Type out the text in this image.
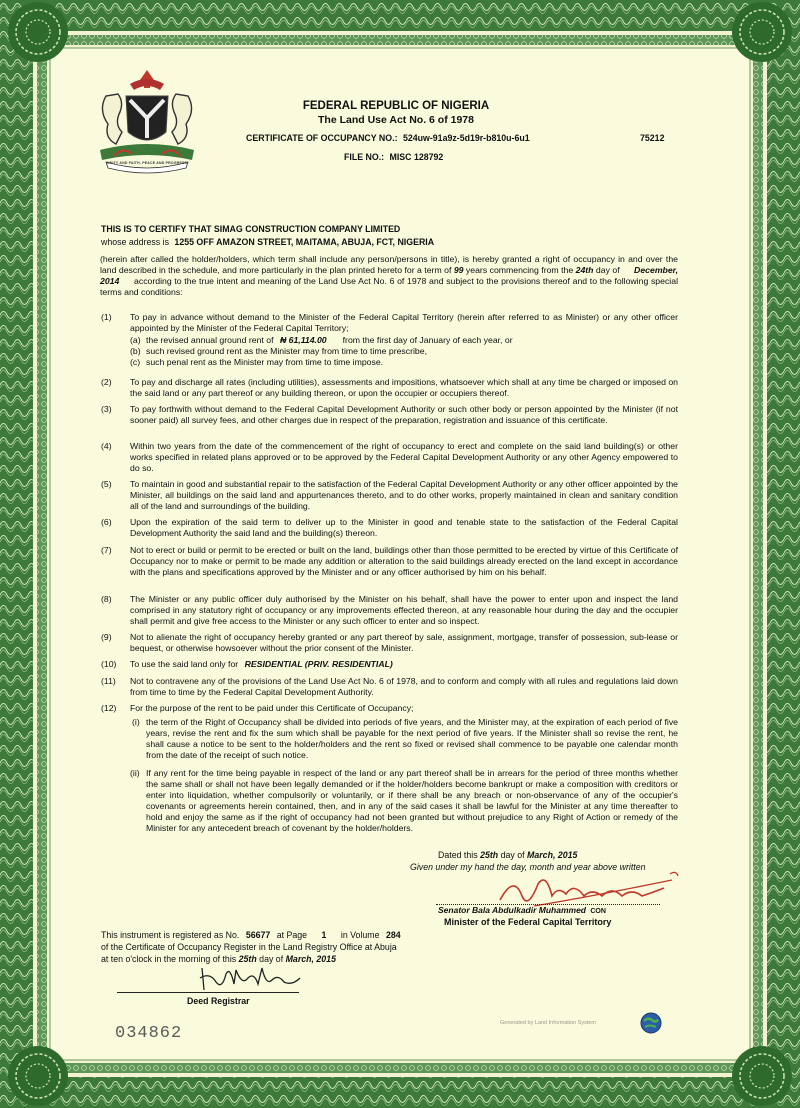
UNITY AND FAITH, PEACE AND PROGRESS
FEDERAL REPUBLIC OF NIGERIA
The Land Use Act No. 6 of 1978
CERTIFICATE OF OCCUPANCY NO.: 524uw-91a9z-5d19r-b810u-6u1	75212
FILE NO.: MISC 128792
THIS IS TO CERTIFY THAT SIMAG CONSTRUCTION COMPANY LIMITED
whose address is 1255 OFF AMAZON STREET, MAITAMA, ABUJA, FCT, NIGERIA
(herein after called the holder/holders, which term shall include any person/persons in title), is hereby granted a right of occupancy in and over the land described in the schedule, and more particularly in the plan printed hereto for a term of 99 years commencing from the 24th day of December, 2014 according to the true intent and meaning of the Land Use Act No. 6 of 1978 and subject to the provisions thereof and to the following special terms and conditions:
(1)	To pay in advance without demand to the Minister of the Federal Capital Territory (herein after referred to as Minister) or any other officer appointed by the Minister of the Federal Capital Territory;
(a) the revised annual ground rent of ₦ 61,114.00 from the first day of January of each year, or
(b) such revised ground rent as the Minister may from time to time prescribe,
(c) such penal rent as the Minister may from time to time impose.
(2)	To pay and discharge all rates (including utilities), assessments and impositions, whatsoever which shall at any time be charged or imposed on the said land or any part thereof or any building thereon, or upon the occupier or occupiers thereof.
(3)	To pay forthwith without demand to the Federal Capital Development Authority or such other body or person appointed by the Minister (if not sooner paid) all survey fees, and other charges due in respect of the preparation, registration and issuance of this certificate.
(4)	Within two years from the date of the commencement of the right of occupancy to erect and complete on the said land building(s) or other works specified in related plans approved or to be approved by the Federal Capital Development Authority or any other Agency empowered to do so.
(5)	To maintain in good and substantial repair to the satisfaction of the Federal Capital Development Authority or any other officer appointed by the Minister, all buildings on the said land and appurtenances thereto, and to do other works, properly maintained in clean and sanitary condition all of the land and surroundings of the building.
(6)	Upon the expiration of the said term to deliver up to the Minister in good and tenable state to the satisfaction of the Federal Capital Development Authority the said land and the building(s) thereon.
(7)	Not to erect or build or permit to be erected or built on the land, buildings other than those permitted to be erected by virtue of this Certificate of Occupancy nor to make or permit to be made any addition or alteration to the said buildings already erected on the land except in accordance with the plans and specifications approved by the Minister and or any officer authorised by him on his behalf.
(8)	The Minister or any public officer duly authorised by the Minister on his behalf, shall have the power to enter upon and inspect the land comprised in any statutory right of occupancy or any improvements effected thereon, at any reasonable hour during the day and the occupier shall permit and give free access to the Minister or any such officer to enter and so inspect.
(9)	Not to alienate the right of occupancy hereby granted or any part thereof by sale, assignment, mortgage, transfer of possession, sub-lease or bequest, or otherwise howsoever without the prior consent of the Minister.
(10)	To use the said land only for RESIDENTIAL (PRIV. RESIDENTIAL)
(11)	Not to contravene any of the provisions of the Land Use Act No. 6 of 1978, and to conform and comply with all rules and regulations laid down from time to time by the Federal Capital Development Authority.
(12)	For the purpose of the rent to be paid under this Certificate of Occupancy;
(i) the term of the Right of Occupancy shall be divided into periods of five years, and the Minister may, at the expiration of each period of five years, revise the rent and fix the sum which shall be payable for the next period of five years. If the Minister shall so revise the rent, he shall cause a notice to be sent to the holder/holders and the rent so fixed or revised shall commence to be payable one calendar month from the date of the receipt of such notice.
(ii) If any rent for the time being payable in respect of the land or any part thereof shall be in arrears for the period of three months whether the same shall or shall not have been legally demanded or if the holder/holders become bankrupt or make a composition with creditors or enter into liquidation, whether compulsorily or voluntarily, or if there shall be any breach or non-observance of any of the occupier's covenants or agreements herein contained, then, and in any of the said cases it shall be lawful for the Minister at any time thereafter to hold and enjoy the same as if the right of occupancy had not been granted but without prejudice to any Right of Action or remedy of the Minister for any antecedent breach of covenant by the holder/holders.
Dated this 25th day of March, 2015
Given under my hand the day, month and year above written
Senator Bala Abdulkadir Muhammed CON
Minister of the Federal Capital Territory
This instrument is registered as No. 56677 at Page 1 in Volume 284
of the Certificate of Occupancy Register in the Land Registry Office at Abuja
at ten o'clock in the morning of this 25th day of March, 2015
Deed Registrar
034862
Generated by Land Information System
